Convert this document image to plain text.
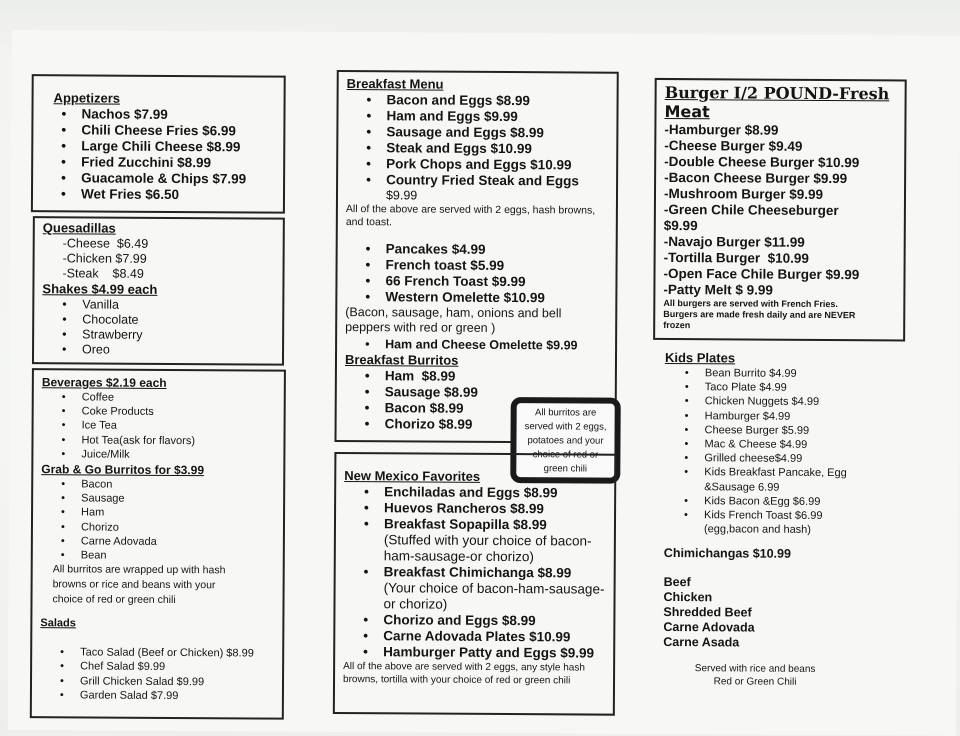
Appetizers
• Nachos $7.99
• Chili Cheese Fries $6.99
• Large Chili Cheese $8.99
• Fried Zucchini $8.99
• Guacamole & Chips $7.99
• Wet Fries $6.50
Quesadillas
-Cheese  $6.49
-Chicken $7.99
-Steak    $8.49
Shakes $4.99 each
• Vanilla
• Chocolate
• Strawberry
• Oreo
Beverages $2.19 each
• Coffee
• Coke Products
• Ice Tea
• Hot Tea(ask for flavors)
• Juice/Milk
Grab & Go Burritos for $3.99
• Bacon
• Sausage
• Ham
• Chorizo
• Carne Adovada
• Bean
All burritos are wrapped up with hash browns or rice and beans with your choice of red or green chili
Salads
• Taco Salad (Beef or Chicken) $8.99
• Chef Salad $9.99
• Grill Chicken Salad $9.99
• Garden Salad $7.99
Breakfast Menu
• Bacon and Eggs $8.99
• Ham and Eggs $9.99
• Sausage and Eggs $8.99
• Steak and Eggs $10.99
• Pork Chops and Eggs $10.99
• Country Fried Steak and Eggs
$9.99
All of the above are served with 2 eggs, hash browns, and toast.
• Pancakes $4.99
• French toast $5.99
• 66 French Toast $9.99
• Western Omelette $10.99
(Bacon, sausage, ham, onions and bell peppers with red or green )
• Ham and Cheese Omelette $9.99
Breakfast Burritos
• Ham  $8.99
• Sausage $8.99
• Bacon $8.99
• Chorizo $8.99
All burritos are served with 2 eggs, potatoes and your choice of red or green chili
New Mexico Favorites
• Enchiladas and Eggs $8.99
• Huevos Rancheros $8.99
• Breakfast Sopapilla $8.99
(Stuffed with your choice of bacon-ham-sausage-or chorizo)
• Breakfast Chimichanga $8.99
(Your choice of bacon-ham-sausage- or chorizo)
• Chorizo and Eggs $8.99
• Carne Adovada Plates $10.99
• Hamburger Patty and Eggs $9.99
All of the above are served with 2 eggs, any style hash browns, tortilla with your choice of red or green chili
Burger I/2 POUND-Fresh
Meat
-Hamburger $8.99
-Cheese Burger $9.49
-Double Cheese Burger $10.99
-Bacon Cheese Burger $9.99
-Mushroom Burger $9.99
-Green Chile Cheeseburger
$9.99
-Navajo Burger $11.99
-Tortilla Burger  $10.99
-Open Face Chile Burger $9.99
-Patty Melt $ 9.99
All burgers are served with French Fries. Burgers are made fresh daily and are NEVER frozen
Kids Plates
• Bean Burrito $4.99
• Taco Plate $4.99
• Chicken Nuggets $4.99
• Hamburger $4.99
• Cheese Burger $5.99
• Mac & Cheese $4.99
• Grilled cheese$4.99
• Kids Breakfast Pancake, Egg &Sausage 6.99
• Kids Bacon &Egg $6.99
• Kids French Toast $6.99 (egg,bacon and hash)
Chimichangas $10.99
Beef
Chicken
Shredded Beef
Carne Adovada
Carne Asada
Served with rice and beans Red or Green Chili
